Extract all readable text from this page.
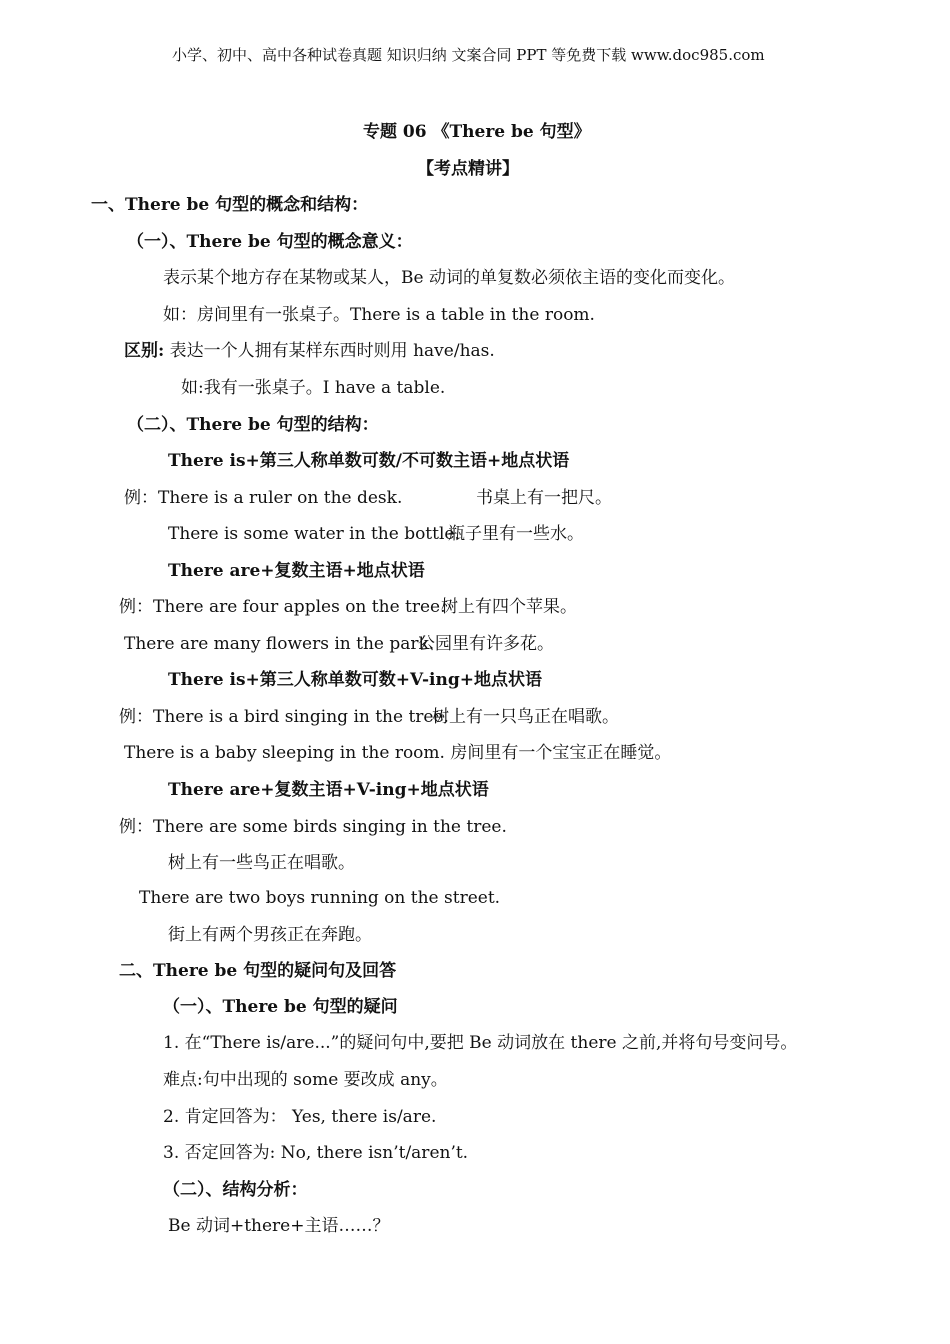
小学、初中、高中各种试卷真题 知识归纳 文案合同 PPT 等免费下载 www.doc985.com
专题 06 《There be 句型》
【考点精讲】
一、There be 句型的概念和结构：
（一）、There be 句型的概念意义：
表示某个地方存在某物或某人，Be 动词的单复数必须依主语的变化而变化。
如：房间里有一张桌子。There is a table in the room.
区别: 表达一个人拥有某样东西时则用 have/has.
如:我有一张桌子。I have a table.
（二）、There be 句型的结构：
There is+第三人称单数可数/不可数主语+地点状语
例：There is a ruler on the desk.	书桌上有一把尺。
There is some water in the bottle.
瓶子里有一些水。
There are+复数主语+地点状语
例：There are four apples on the tree.
树上有四个苹果。
There are many flowers in the park.
公园里有许多花。
There is+第三人称单数可数+V-ing+地点状语
例：There is a bird singing in the tree.
树上有一只鸟正在唱歌。
There is a baby sleeping in the room. 房间里有一个宝宝正在睡觉。
There are+复数主语+V-ing+地点状语
例：There are some birds singing in the tree.
树上有一些鸟正在唱歌。
There are two boys running on the street.
街上有两个男孩正在奔跑。
二、There be 句型的疑问句及回答
（一）、There be 句型的疑问
1. 在“There is/are...”的疑问句中,要把 Be 动词放在 there 之前,并将句号变问号。
难点:句中出现的 some 要改成 any。
2. 肯定回答为： Yes, there is/are.
3. 否定回答为: No, there isn’t/aren’t.
（二）、结构分析：
Be 动词+there+主语……？
